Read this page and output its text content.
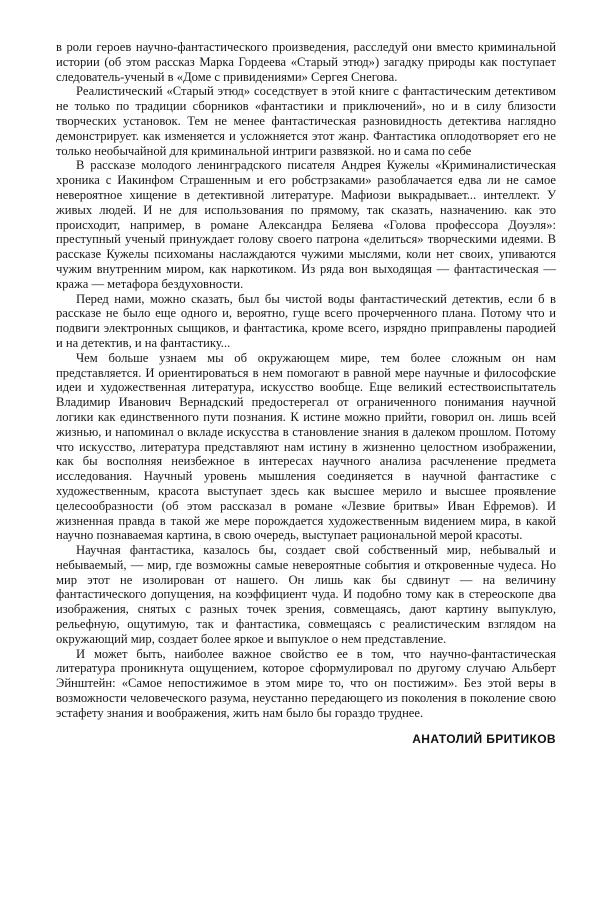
в роли героев научно-фантастического произведения, расследуй они вместо криминальной истории (об этом рассказ Марка Гордеева «Старый этюд») загадку природы как поступает следователь-ученый в «Доме с привидениями» Сергея Снегова.

Реалистический «Старый этюд» соседствует в этой книге с фантастическим детективом не только по традиции сборников «фантастики и приключений», но и в силу близости творческих установок. Тем не менее фантастическая разновидность детектива наглядно демонстрирует. как изменяется и усложняется этот жанр. Фантастика оплодотворяет его не только необычайной для криминальной интриги развязкой. но и сама по себе

В рассказе молодого ленинградского писателя Андрея Кужелы «Криминалистическая хроника с Иакинфом Страшенным и его робстрзаками» разоблачается едва ли не самое невероятное хищение в детективной литературе. Мафиози выкрадывает... интеллект. У живых людей. И не для использования по прямому, так сказать, назначению. как это происходит, например, в романе Александра Беляева «Голова профессора Доуэля»: преступный ученый принуждает голову своего патрона «делиться» творческими идеями. В рассказе Кужелы психоманы наслаждаются чужими мыслями, коли нет своих, упиваются чужим внутренним миром, как наркотиком. Из ряда вон выходящая — фантастическая — кража — метафора бездуховности.

Перед нами, можно сказать, был бы чистой воды фантастический детектив, если б в рассказе не было еще одного и, вероятно, гуще всего прочерченного плана. Потому что и подвиги электронных сыщиков, и фантастика, кроме всего, изрядно приправлены пародией и на детектив, и на фантастику...

Чем больше узнаем мы об окружающем мире, тем более сложным он нам представляется. И ориентироваться в нем помогают в равной мере научные и философские идеи и художественная литература, искусство вообще. Еще великий естествоиспытатель Владимир Иванович Вернадский предостерегал от ограниченного понимания научной логики как единственного пути познания. К истине можно прийти, говорил он. лишь всей жизнью, и напоминал о вкладе искусства в становление знания в далеком прошлом. Потому что искусство, литература представляют нам истину в жизненно целостном изображении, как бы восполняя неизбежное в интересах научного анализа расчленение предмета исследования. Научный уровень мышления соединяется в научной фантастике с художественным, красота выступает здесь как высшее мерило и высшее проявление целесообразности (об этом рассказал в романе «Лезвие бритвы» Иван Ефремов). И жизненная правда в такой же мере порождается художественным видением мира, в какой научно познаваемая картина, в свою очередь, выступает рациональной мерой красоты.

Научная фантастика, казалось бы, создает свой собственный мир, небывалый и небываемый, — мир, где возможны самые невероятные события и откровенные чудеса. Но мир этот не изолирован от нашего. Он лишь как бы сдвинут — на величину фантастического допущения, на коэффициент чуда. И подобно тому как в стереоскопе два изображения, снятых с разных точек зрения, совмещаясь, дают картину выпуклую, рельефную, ощутимую, так и фантастика, совмещаясь с реалистическим взглядом на окружающий мир, создает более яркое и выпуклое о нем представление.

И может быть, наиболее важное свойство ее в том, что научно-фантастическая литература проникнута ощущением, которое сформулировал по другому случаю Альберт Эйнштейн: «Самое непостижимое в этом мире то, что он постижим». Без этой веры в возможности человеческого разума, неустанно передающего из поколения в поколение свою эстафету знания и воображения, жить нам было бы гораздо труднее.

АНАТОЛИЙ БРИТИКОВ
